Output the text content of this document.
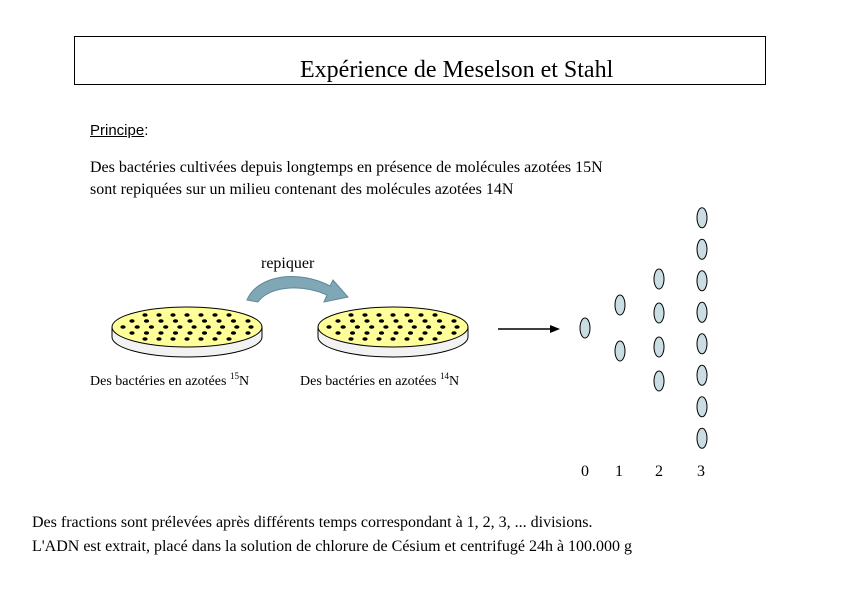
Expérience de Meselson et Stahl
Principe:
Des bactéries cultivées depuis longtemps en présence de molécules azotées 15N
sont repiquées sur un milieu contenant des molécules azotées 14N
repiquer
Des bactéries en azotées $^{15}$N	Des bactéries en azotées $^{14}$N
0 1 2 3
Des fractions sont prélevées après différents temps correspondant à 1, 2, 3, ... divisions.
L'ADN est extrait, placé dans la solution de chlorure de Césium et centrifugé 24h à 100.000 g
